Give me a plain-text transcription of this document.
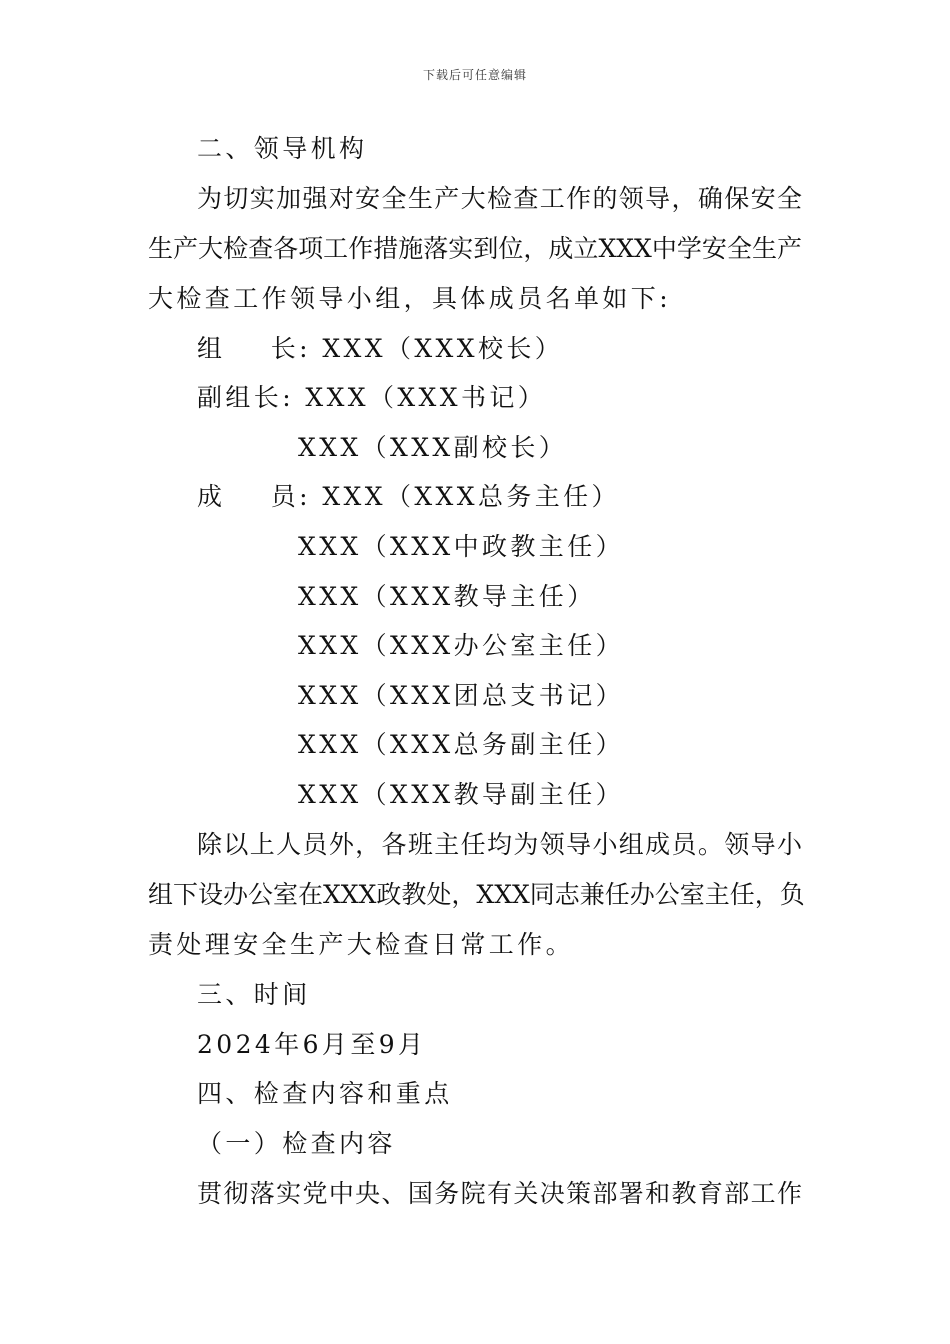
下载后可任意编辑
二、领导机构
为切实加强对安全生产大检查工作的领导，确保安全
生产大检查各项工作措施落实到位，成立XXX中学安全生产
大检查工作领导小组，具体成员名单如下:
组    长: XXX（XXX校长）
副组长: XXX（XXX书记）
XXX（XXX副校长）
成    员: XXX（XXX总务主任）
XXX（XXX中政教主任）
XXX（XXX教导主任）
XXX（XXX办公室主任）
XXX（XXX团总支书记）
XXX（XXX总务副主任）
XXX（XXX教导副主任）
除以上人员外，各班主任均为领导小组成员。领导小
组下设办公室在XXX政教处，XXX同志兼任办公室主任，负
责处理安全生产大检查日常工作。
三、时间
2024年6月至9月
四、检查内容和重点
（一）检查内容
贯彻落实党中央、国务院有关决策部署和教育部工作
